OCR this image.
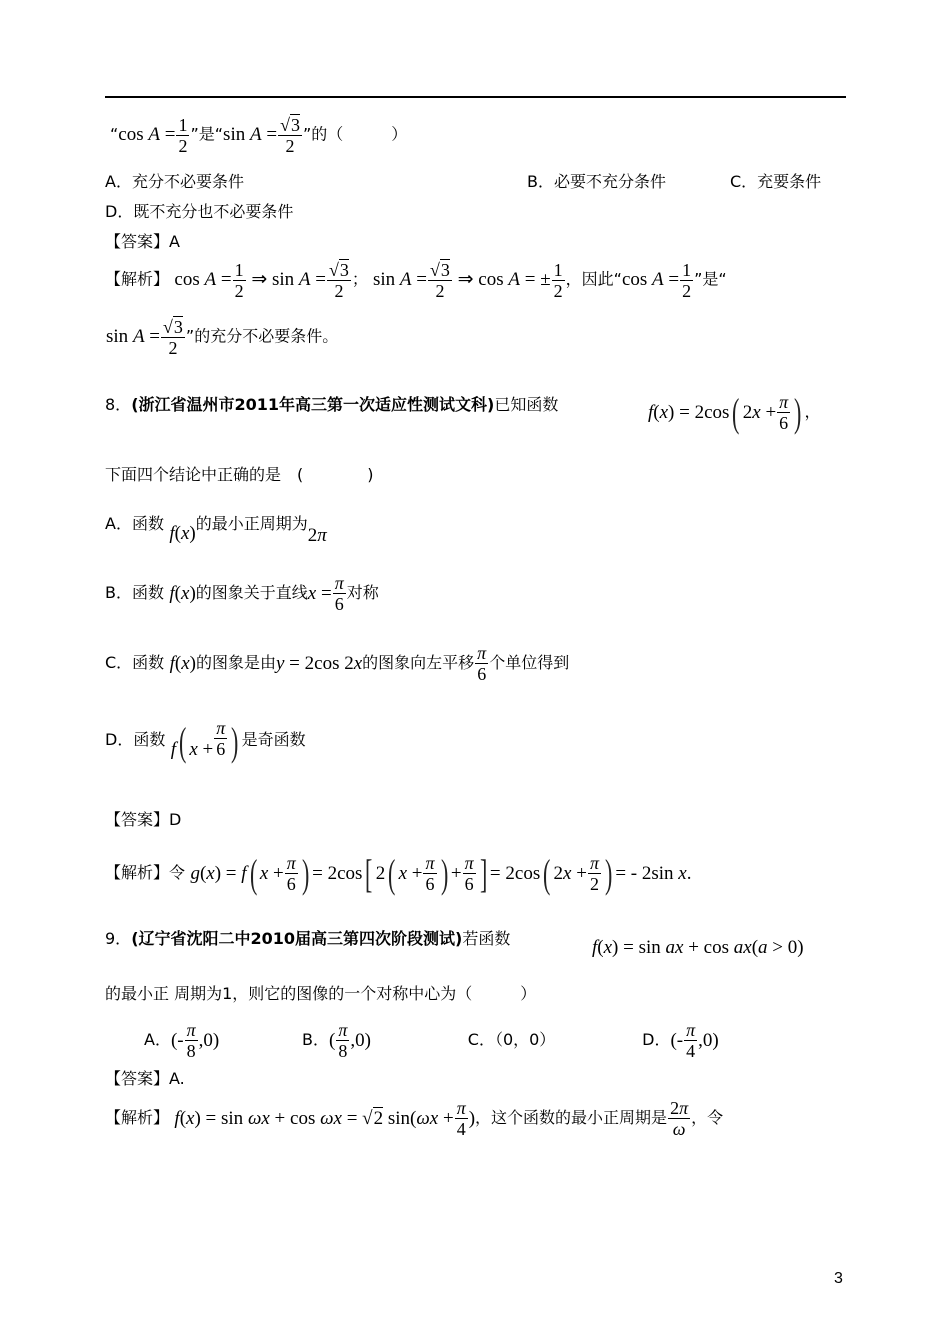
“cos $A = \frac{1}{2}$ ”是“sin $A = \frac{√3}{2}$ ”的（　　　）
A．充分不必要条件	B．必要不充分条件	C．充要条件
D．既不充分也不必要条件
【答案】A
【解析】 $\cos A = \frac{1}{2}$ ⇒ $\sin A = \frac{√3}{2}$ ； $\sin A = \frac{√3}{2}$ ⇒ cos A = ± $\frac{1}{2}$ ，因此“cos $A = \frac{1}{2}$ ”是“
$\sin A = \frac{√3}{2}$ ”的充分不必要条件。
8．(浙江省温州市2011年高三第一次适应性测试文科)已知函数	f(x) = 2cos( $2x + \frac{\pi}{6}$ ) ，
下面四个结论中正确的是　(　　　　)
A．函数 f(x)的最小正周期为2π
B．函数 f(x)的图象关于直线$x = \frac{\pi}{6}$ 对称
C．函数 f(x)的图象是由y = 2cos 2x的图象向左平移 $\frac{\pi}{6}$ 个单位得到
D．函数 f( $x + \frac{\pi}{6}$ ) 是奇函数
【答案】D
【解析】令 g(x) = f( $x + \frac{\pi}{6}$ ) = 2cos[ 2( $x + \frac{\pi}{6}$ ) + $\frac{\pi}{6}$ ] = 2cos( $2x + \frac{\pi}{2}$ ) = - 2sin x.
9．(辽宁省沈阳二中2010届高三第四次阶段测试)若函数	f(x) = sin ax + cos ax(a > 0)
的最小正 周期为1，则它的图像的一个对称中心为（　　　）
A．(- $\frac{\pi}{8} ,0$)	B．( $\frac{\pi}{8} ,0$)	C．（0，0）	D．(- $\frac{\pi}{4} ,0$)
【答案】A.
【解析】 f(x) = sin ωx + cos ωx = √2 $\sin(\omega x + \frac{\pi}{4}$ )，这个函数的最小正周期是 $\frac{2\pi}{\omega}$ ，令
3
